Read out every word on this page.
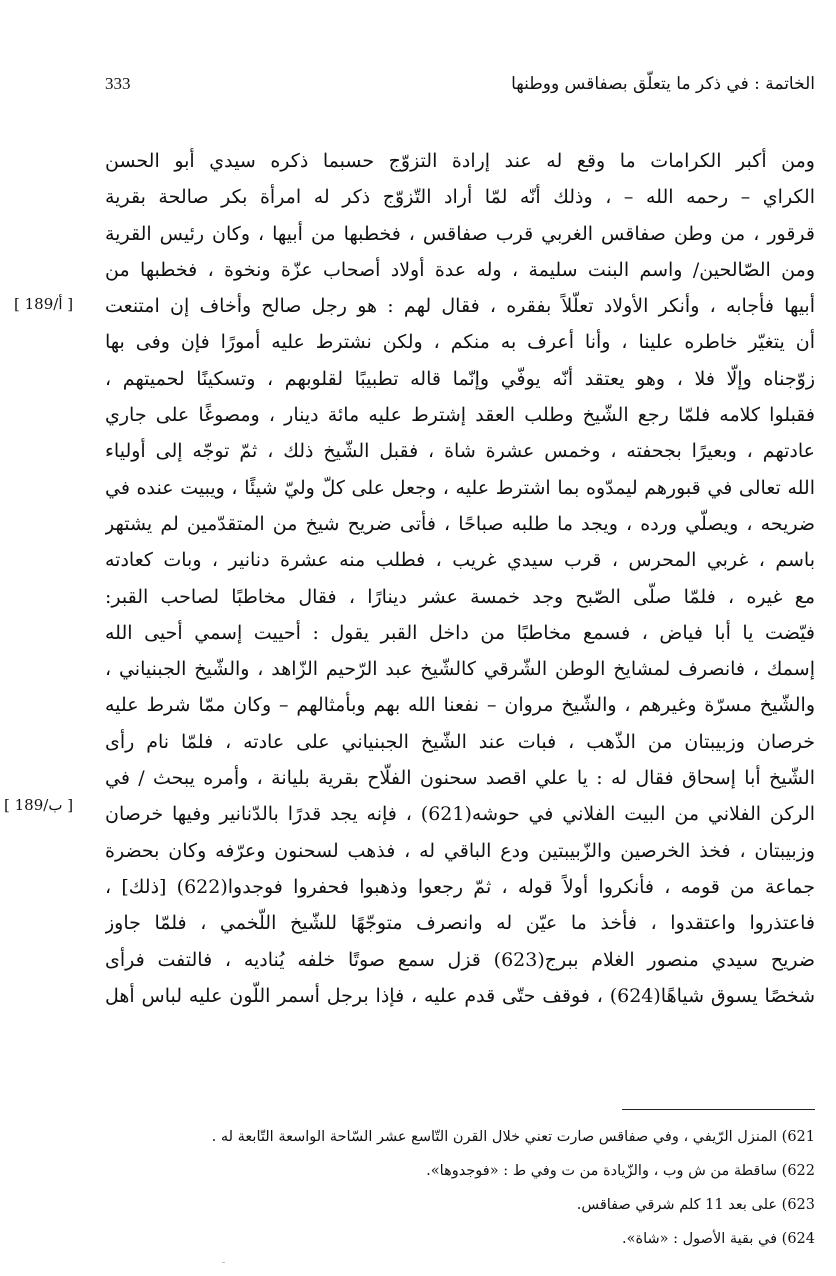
الخاتمة : في ذكر ما يتعلّق بصفاقس ووطنها
333
ومن أكبر الكرامات ما وقع له عند إرادة التزوّج حسبما ذكره سيدي أبو الحسن
الكراي – رحمه الله – ، وذلك أنّه لمّا أراد التّزوّج ذكر له امرأة بكر صالحة بقرية
قرقور ، من وطن صفاقس الغربي قرب صفاقس ، فخطبها من أبيها ، وكان رئيس القرية
ومن الصّالحين/ واسم البنت سليمة ، وله عدة أولاد أصحاب عزّة ونخوة ، فخطبها من
أبيها فأجابه ، وأنكر الأولاد تعلّلاً بفقره ، فقال لهم : هو رجل صالح وأخاف إن امتنعت
أن يتغيّر خاطره علينا ، وأنا أعرف به منكم ، ولكن نشترط عليه أمورًا فإن وفى بها
زوّجناه وإلّا فلا ، وهو يعتقد أنّه يوفّي وإنّما قاله تطبيبًا لقلوبهم ، وتسكينًا لحميتهم ،
فقبلوا كلامه فلمّا رجع الشّيخ وطلب العقد إشترط عليه مائة دينار ، ومصوغًا على جاري
عادتهم ، وبعيرًا بجحفته ، وخمس عشرة شاة ، فقبل الشّيخ ذلك ، ثمّ توجّه إلى أولياء
الله تعالى في قبورهم ليمدّوه بما اشترط عليه ، وجعل على كلّ وليّ شيئًا ، ويبيت عنده في
ضريحه ، ويصلّي ورده ، ويجد ما طلبه صباحًا ، فأتى ضريح شيخ من المتقدّمين لم يشتهر
باسم ، غربي المحرس ، قرب سيدي غريب ، فطلب منه عشرة دنانير ، وبات كعادته
مع غيره ، فلمّا صلّى الصّبح وجد خمسة عشر دينارًا ، فقال مخاطبًا لصاحب القبر:
فيّضت يا أبا فياض ، فسمع مخاطبًا من داخل القبر يقول : أحييت إسمي أحيى الله
إسمك ، فانصرف لمشايخ الوطن الشّرقي كالشّيخ عبد الرّحيم الزّاهد ، والشّيخ الجبنياني ،
والشّيخ مسرّة وغيرهم ، والشّيخ مروان – نفعنا الله بهم وبأمثالهم – وكان ممّا شرط عليه
خرصان وزبيبتان من الذّهب ، فبات عند الشّيخ الجبنياني على عادته ، فلمّا نام رأى
الشّيخ أبا إسحاق فقال له : يا علي اقصد سحنون الفلّاح بقرية بليانة ، وأمره يبحث / في
الركن الفلاني من البيت الفلاني في حوشه(621) ، فإنه يجد قدرًا بالدّنانير وفيها خرصان
وزبيبتان ، فخذ الخرصين والزّبيبتين ودع الباقي له ، فذهب لسحنون وعرّفه وكان بحضرة
جماعة من قومه ، فأنكروا أولاً قوله ، ثمّ رجعوا وذهبوا فحفروا فوجدوا(622) [ذلك] ،
فاعتذروا واعتقدوا ، فأخذ ما عيّن له وانصرف متوجّهًا للشّيخ اللّخمي ، فلمّا جاوز
ضريح سيدي منصور الغلام ببرج(623) قزل سمع صوتًا خلفه يُناديه ، فالتفت فرأى
شخصًا يسوق شياهًا(624) ، فوقف حتّى قدم عليه ، فإذا برجل أسمر اللّون عليه لباس أهل
[ 189/أ ]
[ 189/ب ]
621) المنزل الرّيفي ، وفي صفاقس صارت تعني خلال القرن التّاسع عشر السّاحة الواسعة التّابعة له .
622) ساقطة من ش وب ، والزّيادة من ت وفي ط : «فوجدوها».
623) على بعد 11 كلم شرقي صفاقس.
624) في بقية الأصول : «شاة».
